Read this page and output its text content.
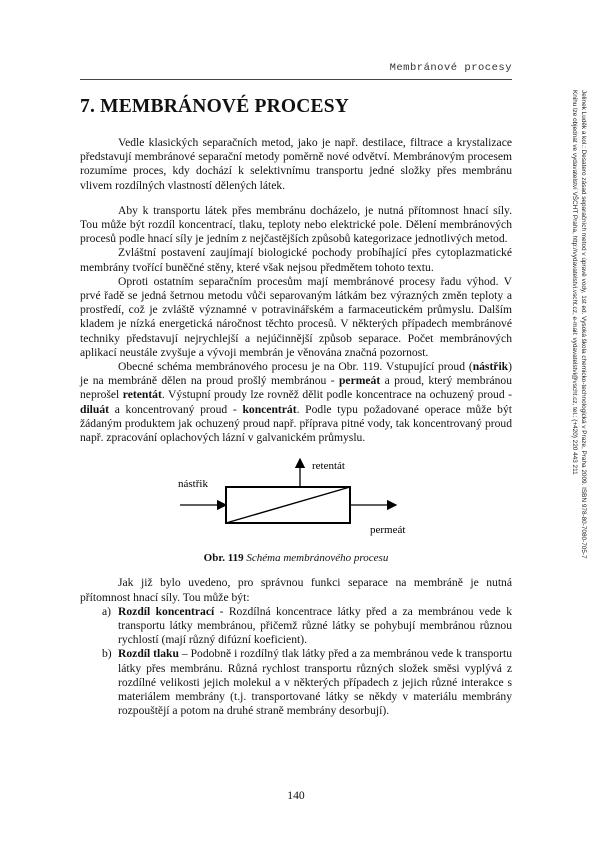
Membránové procesy
Jelinek Luděk a kol.: Desatero zásad separačních metod v úpravě vody, 1st ed. Vysoká škola chemicko-technologická v Praze, Praha 2009. ISBN 978-80-7080-705-7
Knihu lze objednat ve vydavatelství VŠCHT Praha, http://vydavatelstvi.vscht.cz, e-mail: vydavatelstvi@vscht.cz, tel.: (+420) 220 443 211
7. MEMBRÁNOVÉ PROCESY

Vedle klasických separačních metod, jako je např. destilace, filtrace a krystalizace představují membránové separační metody poměrně nové odvětví. Membránovým procesem rozumíme proces, kdy dochází k selektivnímu transportu jedné složky přes membránu vlivem rozdílných vlastností dělených látek.

Aby k transportu látek přes membránu docházelo, je nutná přítomnost hnací síly. Tou může být rozdíl koncentrací, tlaku, teploty nebo elektrické pole. Dělení membránových procesů podle hnací síly je jedním z nejčastějších způsobů kategorizace jednotlivých metod.

Zvláštní postavení zaujímají biologické pochody probíhající přes cytoplazmatické membrány tvořící buněčné stěny, které však nejsou předmětem tohoto textu.

Oproti ostatním separačním procesům mají membránové procesy řadu výhod. V prvé řadě se jedná šetrnou metodu vůči separovaným látkám bez výrazných změn teploty a prostředí, což je zvláště významné v potravinářském a farmaceutickém průmyslu. Dalším kladem je nízká energetická náročnost těchto procesů. V některých případech membránové techniky představují nejrychlejší a nejúčinnější způsob separace. Počet membránových aplikací neustále zvyšuje a vývoji membrán je věnována značná pozornost.

Obecné schéma membránového procesu je na Obr. 119. Vstupující proud (nástřik) je na membráně dělen na proud prošlý membránou - permeát a proud, který membránou neprošel retentát. Výstupní proudy lze rovněž dělit podle koncentrace na ochuzený proud - diluát a koncentrovaný proud - koncentrát. Podle typu požadované operace může být žádaným produktem jak ochuzený proud např. příprava pitné vody, tak koncentrovaný proud např. zpracování oplachových lázní v galvanickém průmyslu.

nástřik
retentát
permeát
Obr. 119 Schéma membránového procesu

Jak již bylo uvedeno, pro správnou funkci separace na membráně je nutná přítomnost hnací síly. Tou může být:

a) Rozdíl koncentrací - Rozdílná koncentrace látky před a za membránou vede k transportu látky membránou, přičemž různé látky se pohybují membránou různou rychlostí (mají různý difúzní koeficient).
b) Rozdíl tlaku – Podobně i rozdílný tlak látky před a za membránou vede k transportu látky přes membránu. Různá rychlost transportu různých složek směsi vyplývá z rozdílné velikosti jejich molekul a v některých případech z jejich různé interakce s materiálem membrány (t.j. transportované látky se někdy v materiálu membrány rozpouštějí a potom na druhé straně membrány desorbují).
140
